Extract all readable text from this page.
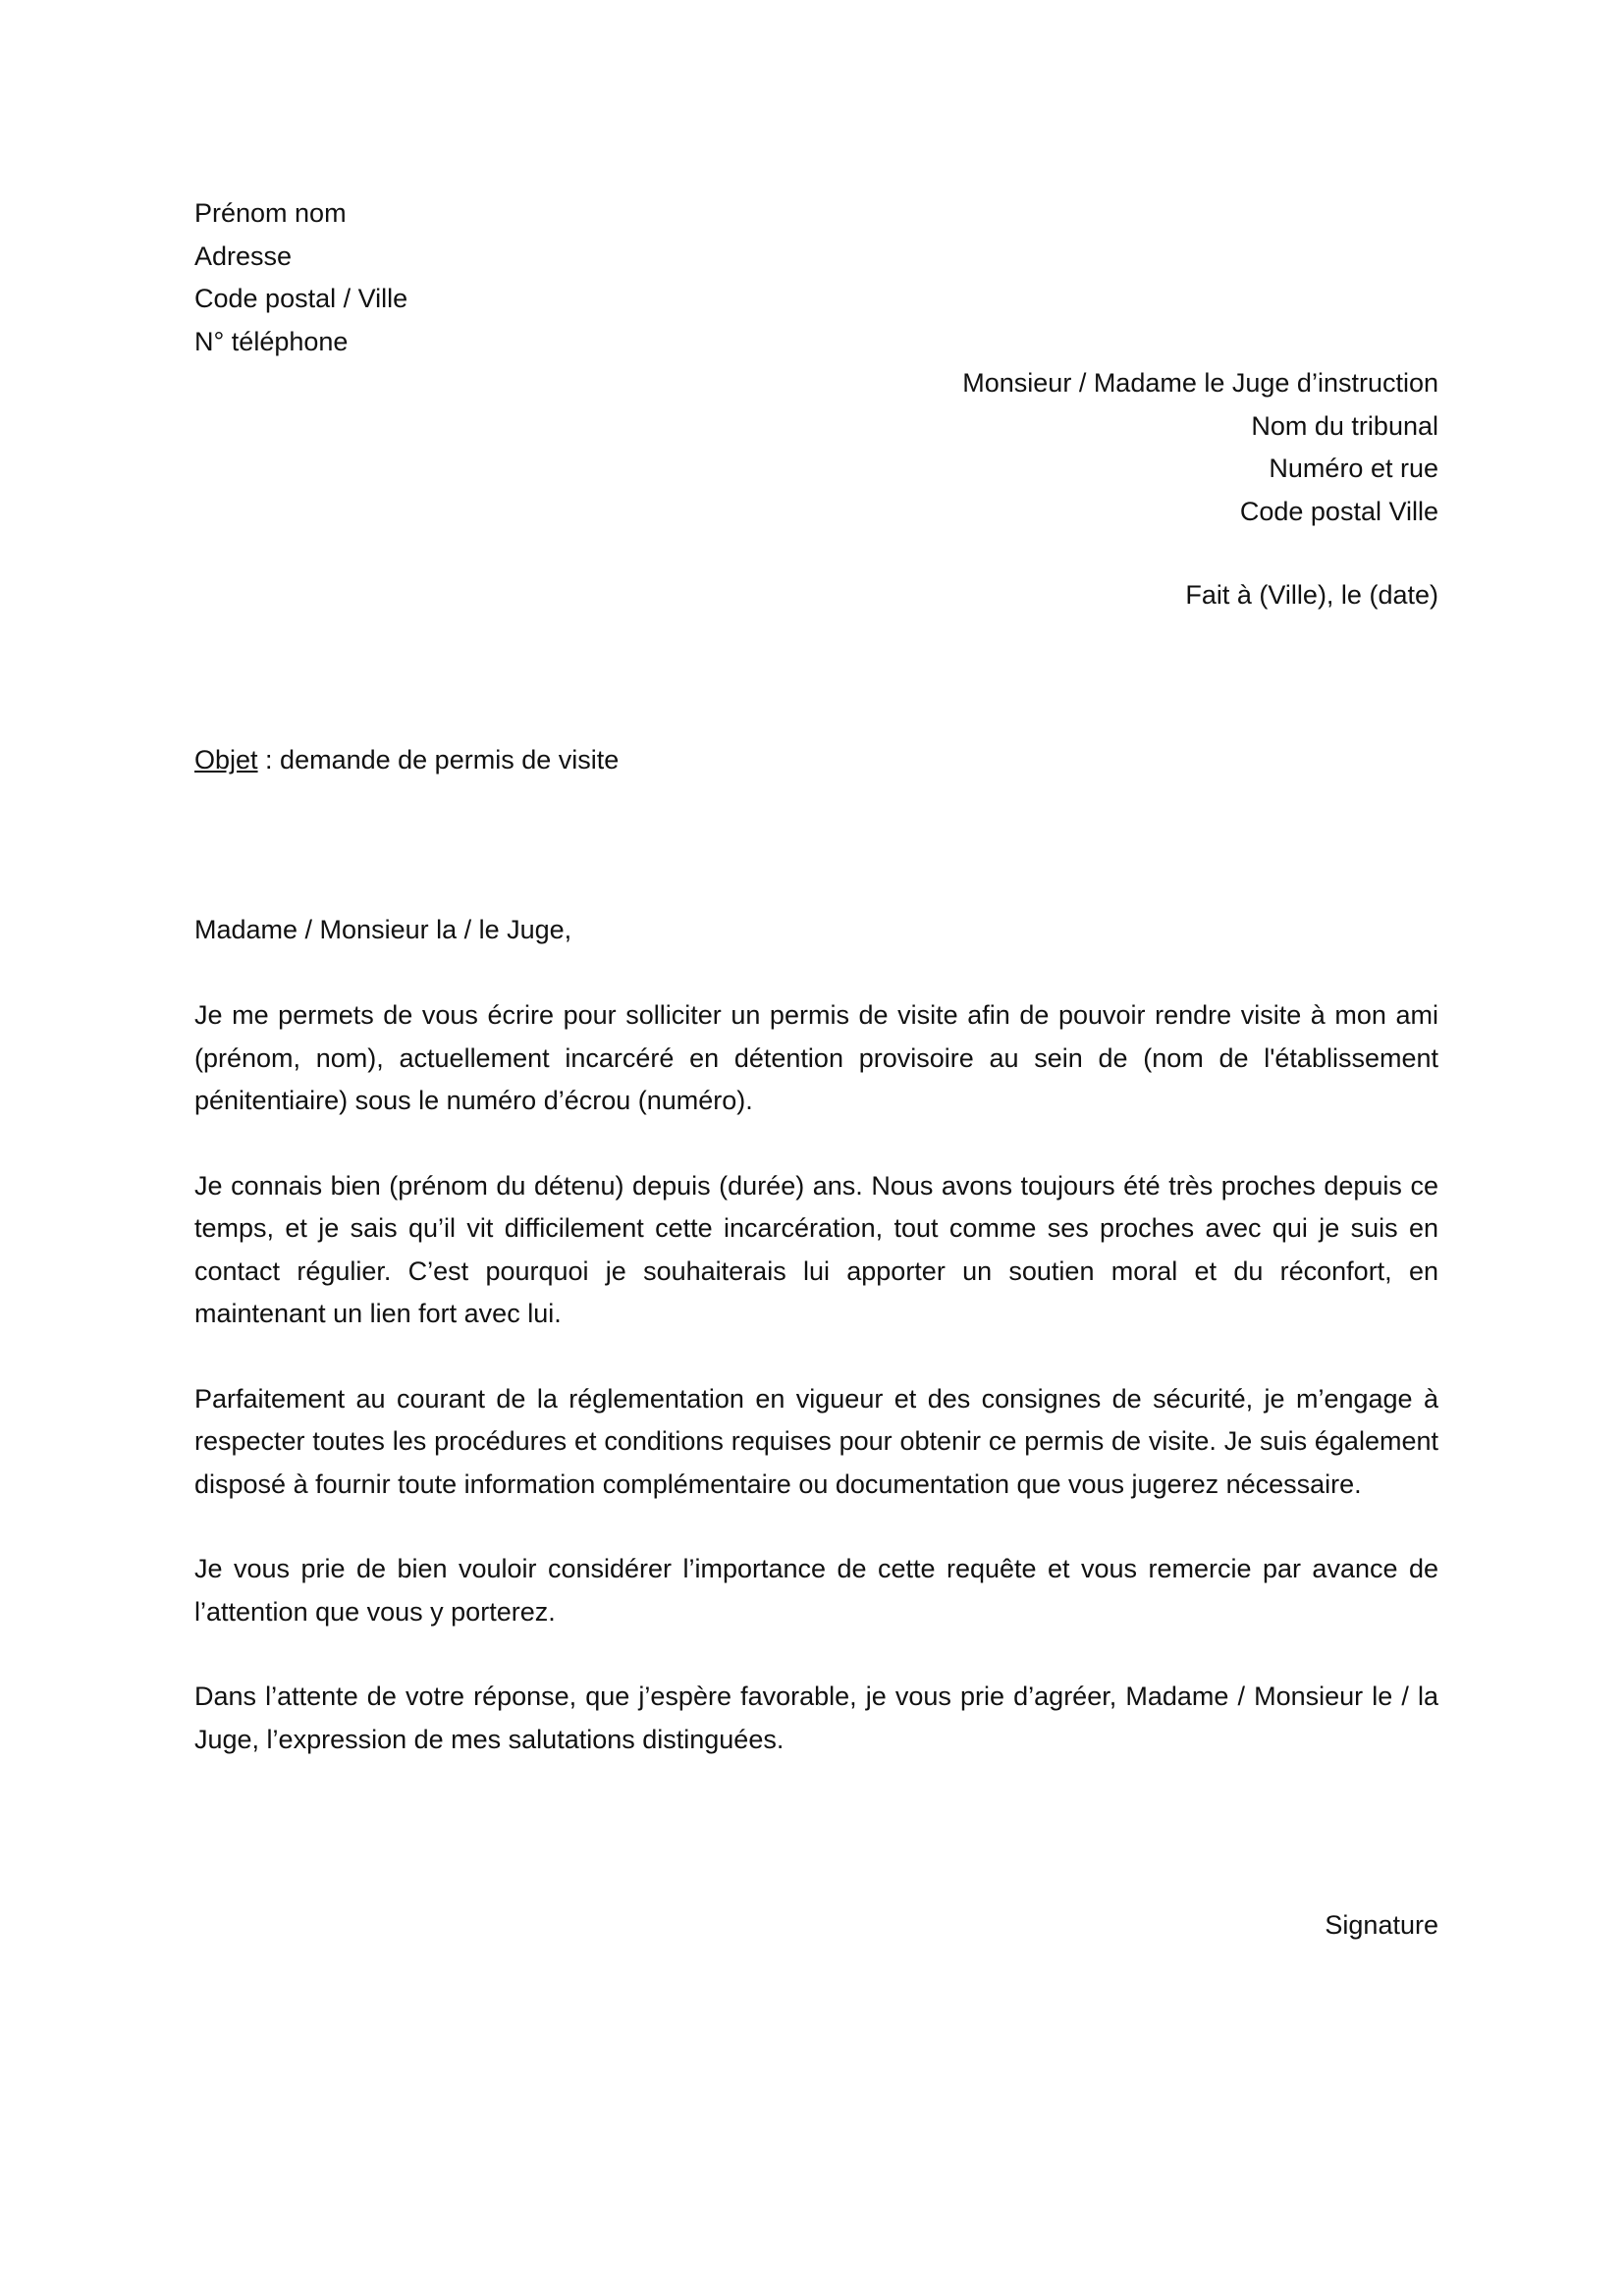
Prénom nom
Adresse
Code postal / Ville
N° téléphone
Monsieur / Madame le Juge d’instruction
Nom du tribunal
Numéro et rue
Code postal Ville
Fait à (Ville), le (date)
Objet : demande de permis de visite
Madame / Monsieur la / le Juge,

Je me permets de vous écrire pour solliciter un permis de visite afin de pouvoir rendre visite à mon ami (prénom, nom), actuellement incarcéré en détention provisoire au sein de (nom de l'établissement pénitentiaire) sous le numéro d’écrou (numéro).

Je connais bien (prénom du détenu) depuis (durée) ans. Nous avons toujours été très proches depuis ce temps, et je sais qu’il vit difficilement cette incarcération, tout comme ses proches avec qui je suis en contact régulier. C’est pourquoi je souhaiterais lui apporter un soutien moral et du réconfort, en maintenant un lien fort avec lui.

Parfaitement au courant de la réglementation en vigueur et des consignes de sécurité, je m’engage à respecter toutes les procédures et conditions requises pour obtenir ce permis de visite. Je suis également disposé à fournir toute information complémentaire ou documentation que vous jugerez nécessaire.

Je vous prie de bien vouloir considérer l’importance de cette requête et vous remercie par avance de l’attention que vous y porterez.

Dans l’attente de votre réponse, que j’espère favorable, je vous prie d’agréer, Madame / Monsieur le / la Juge, l’expression de mes salutations distinguées.

Signature
